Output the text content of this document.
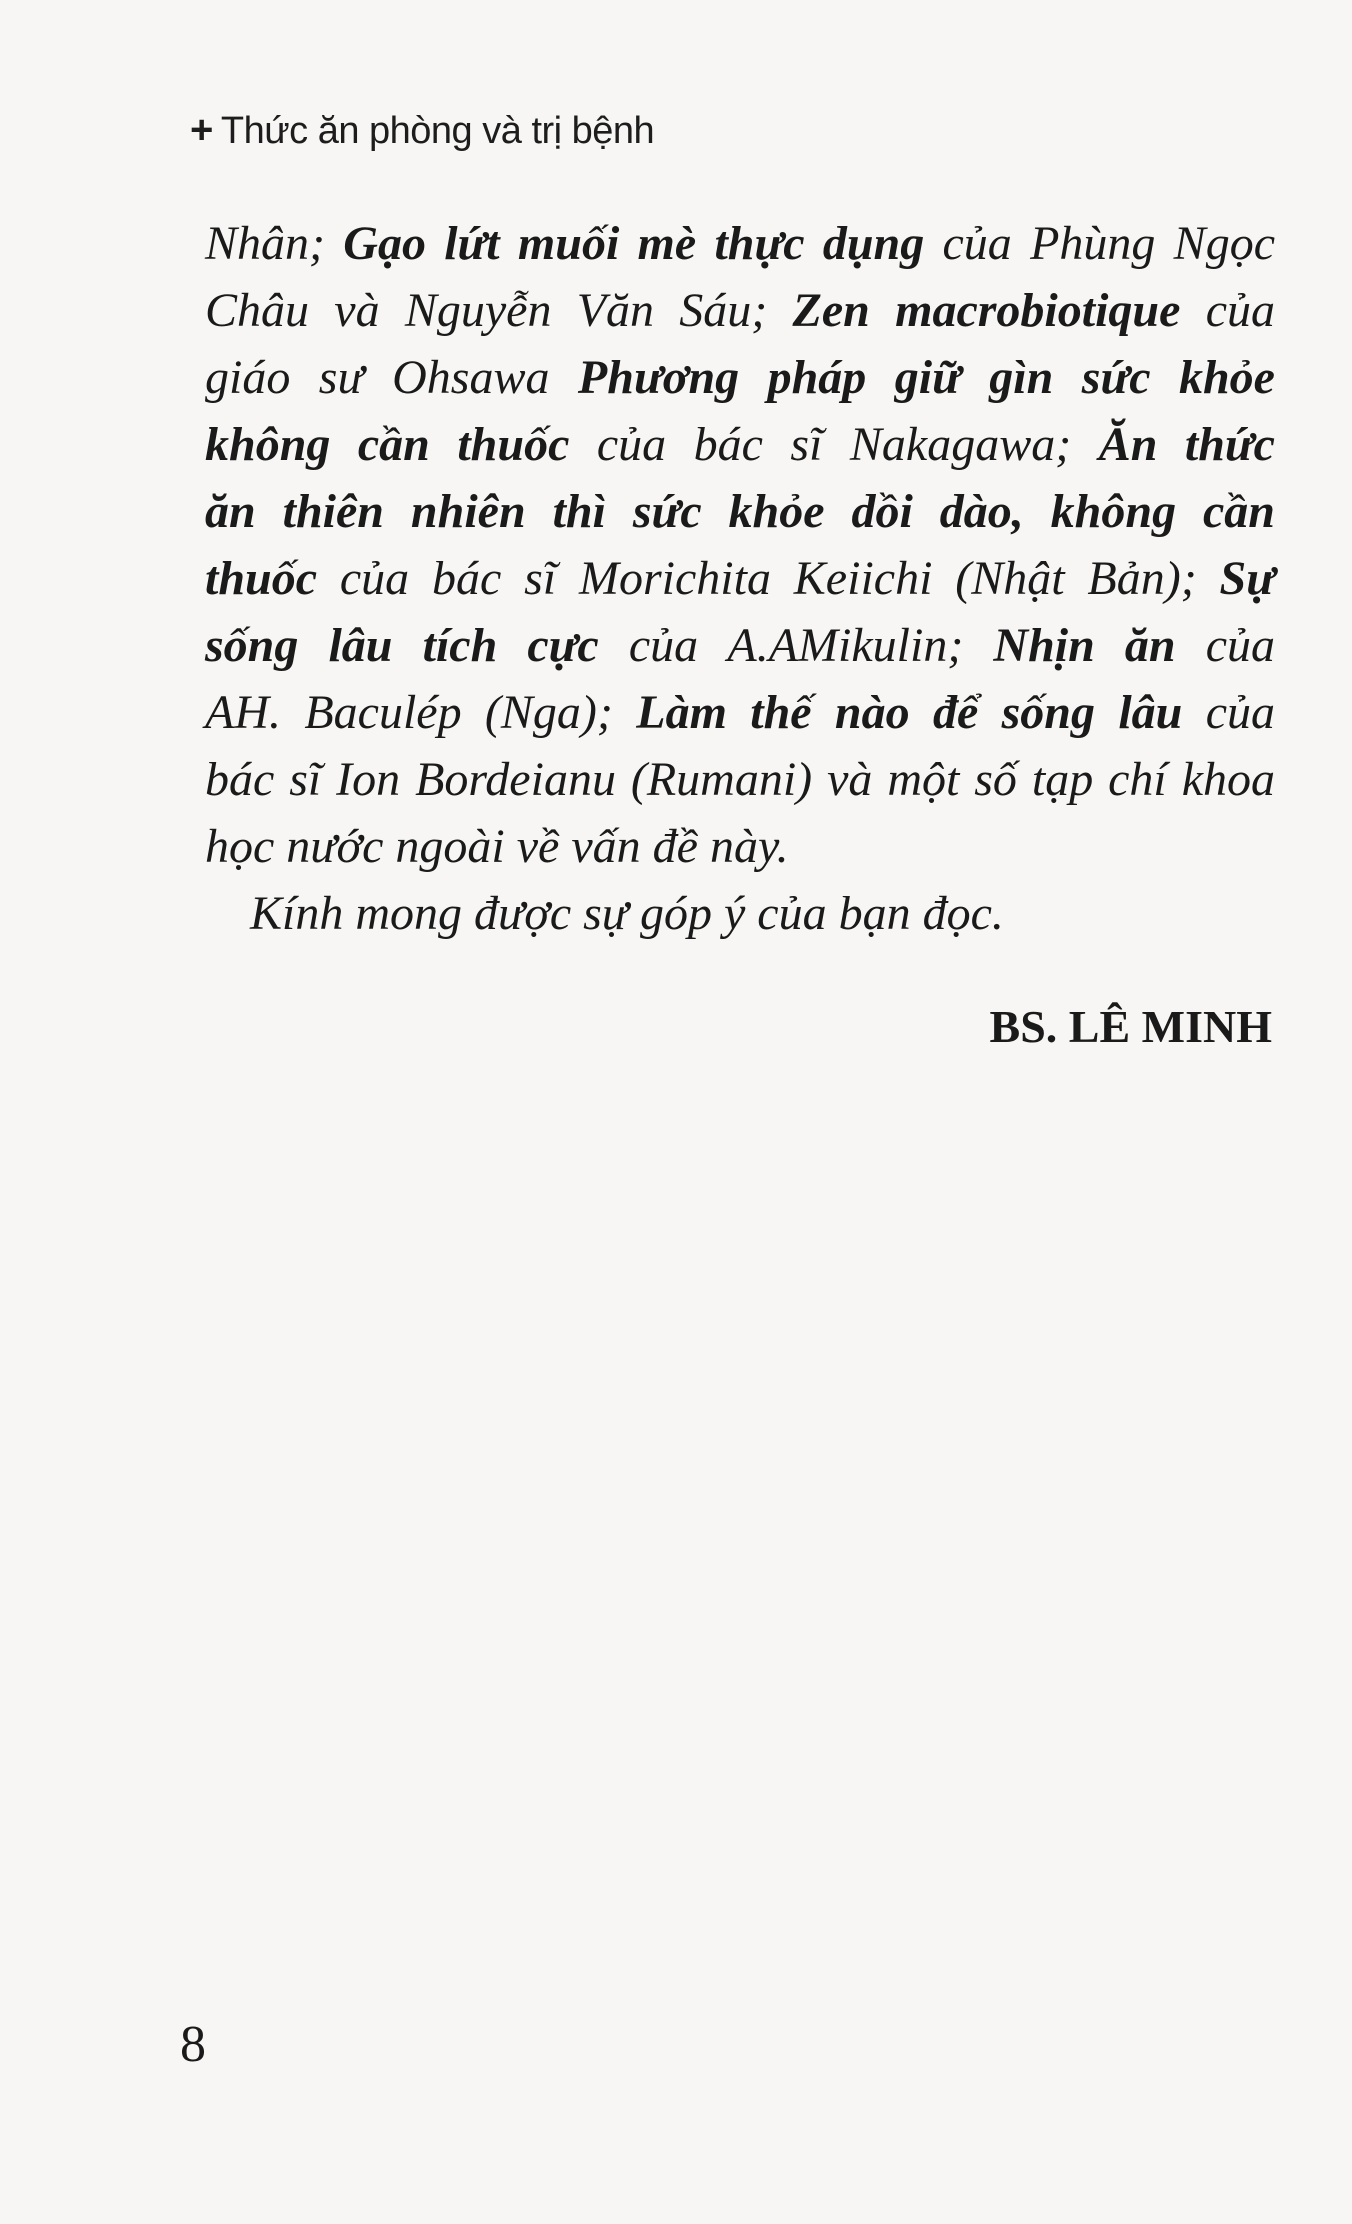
+ Thức ăn phòng và trị bệnh
Nhân; Gạo lứt muối mè thực dụng của Phùng Ngọc
Châu và Nguyễn Văn Sáu; Zen macrobiotique của
giáo sư Ohsawa Phương pháp giữ gìn sức khỏe
không cần thuốc của bác sĩ Nakagawa; Ăn thức
ăn thiên nhiên thì sức khỏe dồi dào, không cần
thuốc của bác sĩ Morichita Keiichi (Nhật Bản); Sự
sống lâu tích cực của A.AMikulin; Nhịn ăn của
AH. Baculép (Nga); Làm thế nào để sống lâu của
bác sĩ Ion Bordeianu (Rumani) và một số tạp chí khoa
học nước ngoài về vấn đề này.
Kính mong được sự góp ý của bạn đọc.
BS. LÊ MINH
8
